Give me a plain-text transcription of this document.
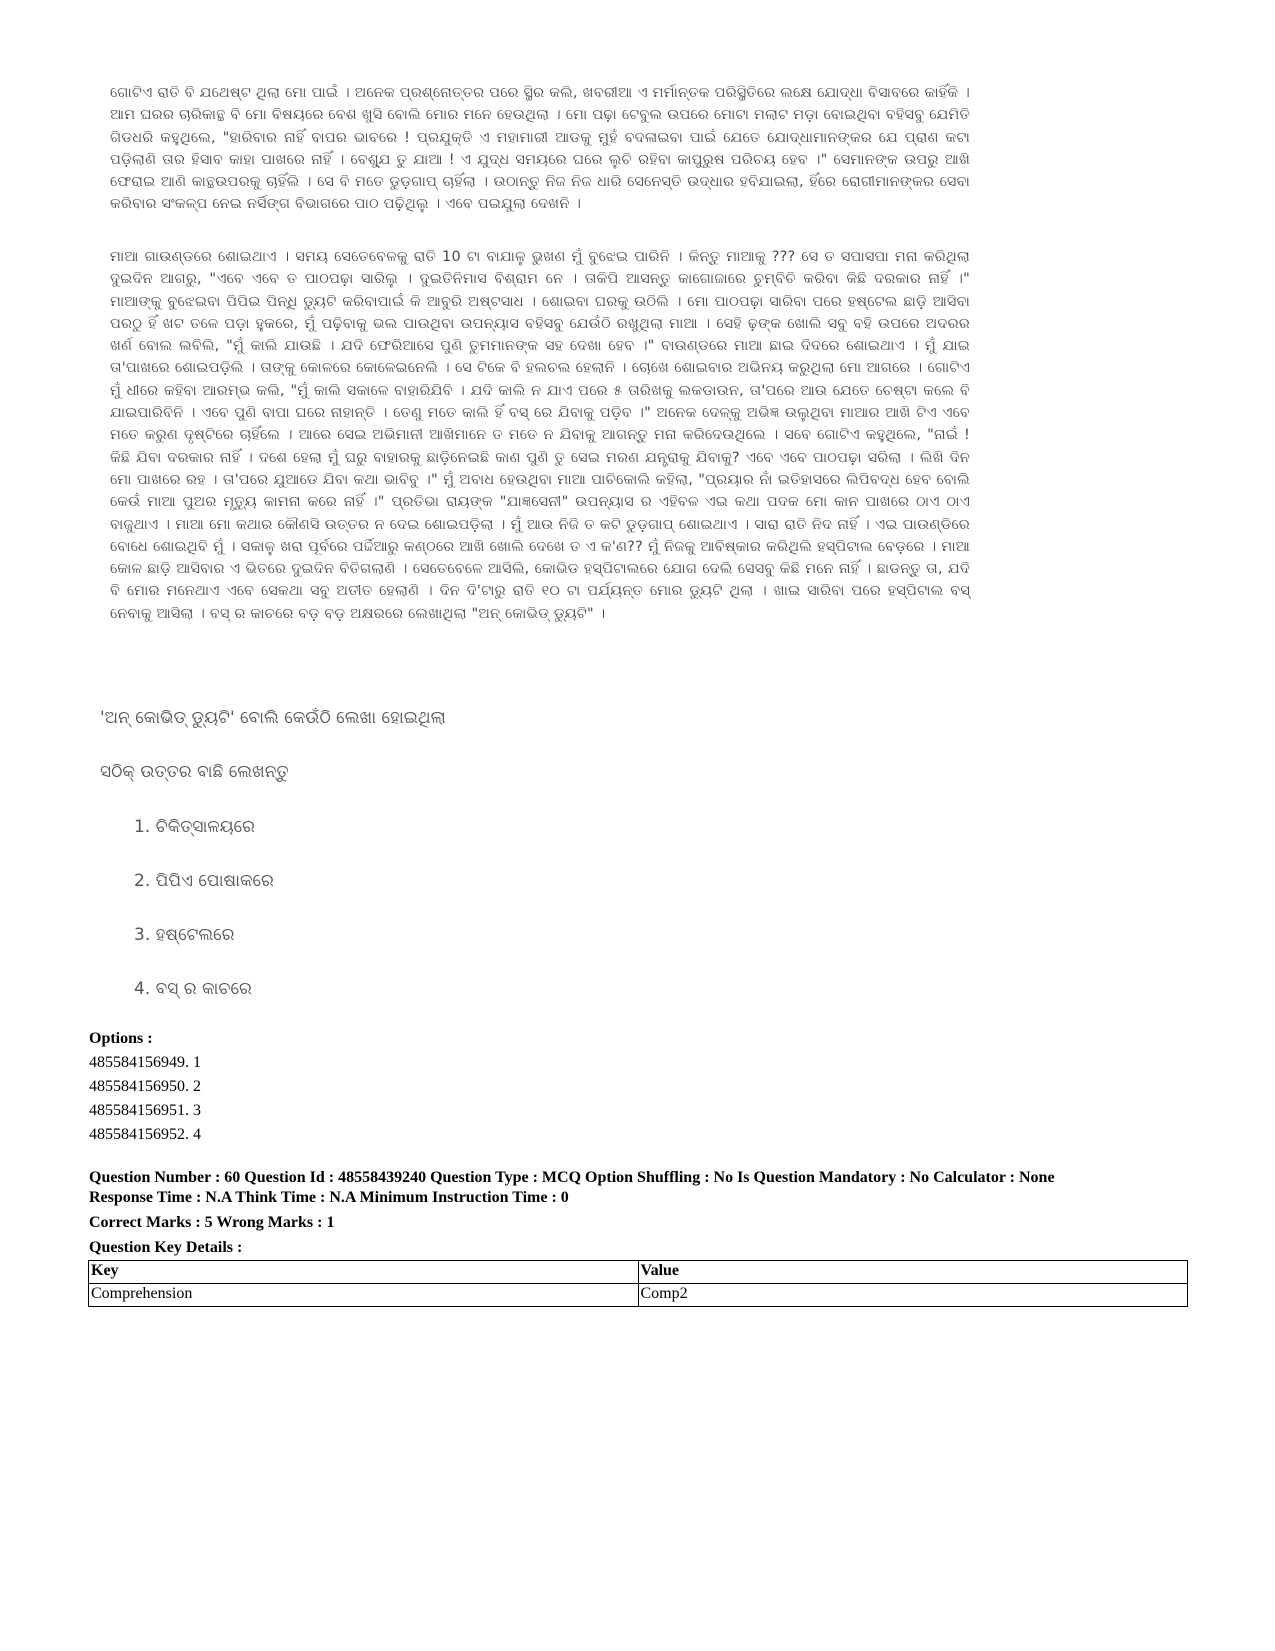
ଗୋଟିଏ ରାତି ବି ଯଥେଷ୍ଟ ଥିଲା ମୋ ପାଇଁ । ଅନେକ ପ୍ରଶ୍ନୋତ୍ତର ପରେ ସ୍ଥିର କଲି, ଖବରୀଆ ଏ ମର୍ମାନ୍ତକ ପରିସ୍ଥିତିରେ ଲକ୍ଷେ ଯୋଦ୍ଧା ବିସାବରେ କାହିଁକି । ଆମ ଘରର ଚାରିକାନ୍ଥ ବି ମୋ ବିଷୟରେ ବେଶ ଖୁସି ବୋଲି ମୋର ମନେ ହେଉଥିଲା । ମୋ ପଢ଼ା ଟେବୁଲ ଉପରେ ମୋଟା ମଲାଟ ମଡ଼ା ବୋଇଥିବା ବହିସବୁ ଯେମିତି ଗିଡଧରି କହୁଥିଲେ, "ହାରିବାର ନାହିଁ ବାପର ଭାବରେ ! ପ୍ରଯୁକ୍ତି ଏ ମହାମାରୀ ଆଡକୁ ମୁହଁ ବଦଳାଇବା ପାଇଁ ଯେତେ ଯୋଦ୍ଧାମାନଙ୍କର ଯେ ପ୍ରାଣ କଟା ପଡ଼ିଲାଣି ତାର ହିସାବ କାହା ପାଖରେ ନାହିଁ । ବେଶ୍ଯୁ ତୁ ଯାଆ ! ଏ ଯୁଦ୍ଧ ସମୟରେ ଘରେ ଲୁଚି ରହିବା କାପୁରୁଷ ପରିଚୟ ହେବ ।" ସେମାନଙ୍କ ଉପରୁ ଆଖି ଫେରାଇ ଆଣି କାନ୍ଥଉପରକୁ ଚାହିଁଲି । ସେ ବି ମତେ ଡୁଡ଼ଗାପ୍ ଚାହିଁଲା । ଉଠାନ୍ତୁ ନିଜ ନିଜ ଧାରି ସେନେସ୍ତି ଉଦ୍ଧାର ହବିଯାଇଲା, ହିଁରେ ରୋଗୀମାନଙ୍କର ସେବା କରିବାର ସଂକଳ୍ପ ନେଇ ନର୍ସିଙ୍ଗ ବିଭାଗରେ ପାଠ ପଢ଼ିଥିଲୁ । ଏବେ ପଇଯୁଲା ଦେଖନି ।

ମାଆ ଗାଉଣ୍ଡରେ ଶୋଇଥାଏ । ସମୟ ସେତେବେଳକୁ ରାତି 10 ଟା ବାଯାଳୁ ଭୁଖଣ ମୁଁ ବୁଝେଇ ପାରିନି । କିନ୍ତୁ ମାଆକୁ ??? ସେ ତ ସପାସପା ମନା କରିଥିଲା ଦୁଇଦିନ ଆଗରୁ, "ଏବେ ଏବେ ତ ପାଠପଢ଼ା ସାରିଲୁ । ଦୁଇତିନିମାସ ବିଶ୍ରାମ ନେ । ତାକିପି ଆସନ୍ତୁ କାଗୋଜାରେ ଚୁମ୍ବିଚି କରିବା କିଛି ଦରକାର ନାହିଁ ।" ମାଆଙ୍କୁ ବୁଝେଇବା ପିପିଇ ପିନ୍ଧି ଡ୍ୟୁଟି କରିବାପାଇଁ କି ଆବୁରି ଅଷ୍ଟସାଧ । ଶୋଇବା ଘରକୁ ଉଠିଲି । ମୋ ପାଠପଢ଼ା ସାରିବା ପରେ ହଷ୍ଟେଲ ଛାଡ଼ି ଆସିବା ପରଠୁ ହିଁ ଖଟ ତଳେ ପଡ଼ା ହୁକରେ, ମୁଁ ପଢ଼ିବାକୁ ଭଲ ପାଉଥିବା ଉପନ୍ୟାସ ବହିସବୁ ଯେଉଁଠି ରଖୁଥିଲା ମାଆ । ସେହି ଢ଼ଙ୍କ ଖୋଲି ସବୁ ବହି ଉପରେ ଅଦରର ଖର୍ଣ ବୋଲ ଲବିଲି, "ମୁଁ କାଲି ଯାଉଛି । ଯଦି ଫେରିଆସେ ପୁଣି ତୁମମାନଙ୍କ ସହ ଦେଖା ହେବ ।" ବାଉଣ୍ଡରେ ମାଆ ଛାଇ ଦିଦରେ ଶୋଇଥାଏ । ମୁଁ ଯାଇ ତା'ପାଖରେ ଶୋଇପଡ଼ିଲି । ତାଙ୍କୁ କୋଳରେ କୋଳେଇନେଲି । ସେ ଟିକେ ବି ହଲଚଲ ହେଲାନି । ଚୋଖେ ଶୋଇବାର ଅଭିନୟ କରୁଥିଲା ମୋ ଆଗରେ । ଗୋଟିଏ ମୁଁ ଧୀରେ କହିବା ଆରମ୍ଭ କଲି, "ମୁଁ କାଲି ସକାଳେ ବାହାରିଯିବି । ଯଦି କାଲି ନ ଯାଏ ପରେ ୫ ତାରିଖକୁ ଲକଡାଉନ, ତା'ପରେ ଆଉ ଯେତେ ଚେଷ୍ଟା କଲେ ବି ଯାଇପାରିବିନି । ଏବେ ପୁଣି ବାପା ଘରେ ନାହାନ୍ତି । ତେଣୁ ମତେ କାଲି ହିଁ ବସ୍ ରେ ଯିବାକୁ ପଡ଼ିବ ।" ଅନେକ ଦେଳ୍କୁ ଅଭିଜ୍ଞ ଉଲୁଥିବା ମାଆର ଆଖି ଟିଏ ଏବେ ମତେ କରୁଣ ଦୃଷ୍ଟିରେ ଚାହିଁଲେ । ଆରେ ସେଇ ଅଭିମାନୀ ଆଖିମାନେ ତ ମତେ ନ ଯିବାକୁ ଆଗନ୍ତୁ ମନା କରିଦେଉଥିଲେ । ସବେ ଗୋଟିଏ କହୁଥିଲେ, "ନାଇଁ ! କିଛି ଯିବା ଦରକାର ନାହିଁ । ଦଶେ ହେଲା ମୁଁ ଘରୁ ବାହାରକୁ ଛାଡ଼ିନେଇଛି କାଣ ପୁଣି ତୁ ସେଇ ମରଣ ଯନ୍ତ୍ରାକୁ ଯିବାକୁ? ଏବେ ଏବେ ପାଠପଢ଼ା ସରିଲା । ଲିଖି ଦିନ ମୋ ପାଖରେ ରହ । ତା'ପରେ ଯୁଆଡେ ଯିବା କଥା ଭାବିବୁ ।" ମୁଁ ଅବାଧ ହେଉଥିବା ମାଆ ପାଚିକୋଲି କହିଲା, "ପ୍ରୟାର ନାଁ ଇତିହାସରେ ଲିପିବଦ୍ଧ ହେବ ବୋଲି କେଉଁ ମାଆ ପୁଅର ମୃତ୍ୟୁ କାମନା କରେ ନାହିଁ ।" ପ୍ରତିଭା ରାୟଙ୍କ "ଯାଜ୍ଞସେନୀ" ଉପନ୍ୟାସ ର ଏହିବଳ ଏଇ କଥା ପଦକ ମୋ କାନ ପାଖରେ ଠାଏ ଠାଏ ବାଜୁଥାଏ । ମାଆ ମୋ କଥାର କୌଣସି ଉତ୍ତର ନ ଦେଇ ଶୋଇପଡ଼ିଲା । ମୁଁ ଆଉ ନିଜି ତ କଟି ଡୁଡ଼ଗାପ୍ ଶୋଇଥାଏ । ସାରା ରାତି ନିଦ ନାହିଁ । ଏଇ ପାଉଣ୍ଡିରେ ବୋଧେ ଶୋଇଥିବି ମୁଁ । ସକାଳୁ ଖରା ପୂର୍ବରେ ପର୍ଦ୍ଦିଆରୁ କଣ୍ଠରେ ଆଖି ଖୋଲି ଦେଖେ ତ ଏ କ'ଣ?? ମୁଁ ନିଜକୁ ଆବିଷ୍କାର କରିଥିଲି ହସ୍ପିଟାଲ ବେଡ଼ରେ । ମାଆ କୋଳ ଛାଡ଼ି ଆସିବାର ଏ ଭିତରେ ଦୁଇଦିନ ବିତିଗଲାଣି । ସେତେବେଳେ ଆସିଲି, କୋଭିଡ ହସ୍ପିଟାଲରେ ଯୋଗ ଦେଲି ସେସବୁ କିଛି ମନେ ନାହିଁ । ଛାଡନ୍ତୁ ତା, ଯଦି ବି ମୋର ମନେଥାଏ ଏବେ ସେକଥା ସବୁ ଅତୀତ ହେଲାଣି । ଦିନ ଦି'ଟାରୁ ରାତି ୧୦ ଟା ପର୍ଯ୍ୟନ୍ତ ମୋର ଡ୍ୟୁଟି ଥିଲା । ଖାଇ ସାରିବା ପରେ ହସ୍ପିଟାଲ ବସ୍ ନେବାକୁ ଆସିଲା । ବସ୍ ର କାଚରେ ବଡ଼ ବଡ଼ ଅକ୍ଷରରେ ଲେଖାଥିଲା "ଅନ୍ କୋଭିଡ୍ ଡ୍ୟୁଟି" ।

'ଅନ୍ କୋଭିଡ୍ ଡ୍ୟୁଟି' ବୋଲି କେଉଁଠି ଲେଖା ହୋଇଥିଲା
ସଠିକ୍ ଉତ୍ତର ବାଛି ଲେଖନ୍ତୁ
1. ଚିକିତ୍ସାଳୟରେ
2. ପିପିଏ ପୋଷାକରେ
3. ହଷ୍ଟେଲରେ
4. ବସ୍ ର କାଚରେ
Options :
485584156949. 1
485584156950. 2
485584156951. 3
485584156952. 4
Question Number : 60 Question Id : 48558439240 Question Type : MCQ Option Shuffling : No Is Question Mandatory : No Calculator : None
Response Time : N.A Think Time : N.A Minimum Instruction Time : 0
Correct Marks : 5 Wrong Marks : 1
Question Key Details :
Key	Value
Comprehension	Comp2
